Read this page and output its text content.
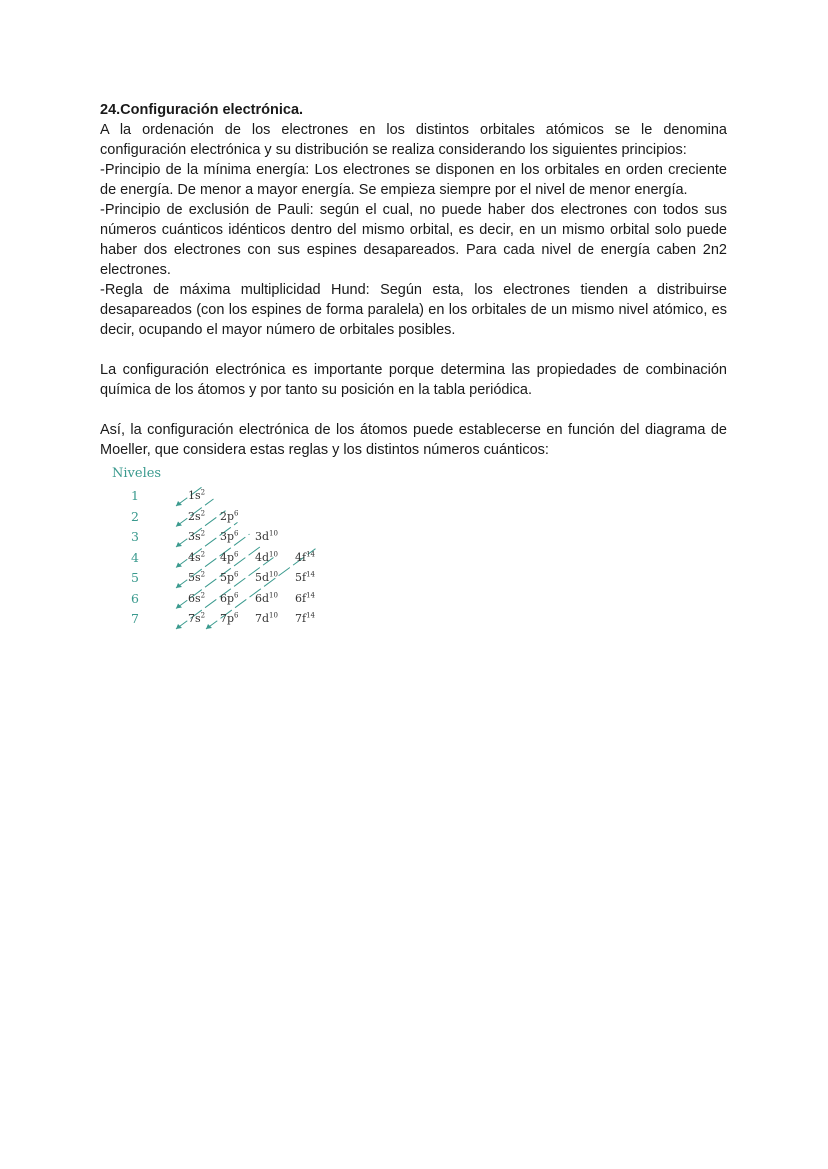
24.Configuración electrónica.

A la ordenación de los electrones en los distintos orbitales atómicos se le denomina configuración electrónica y su distribución se realiza considerando los siguientes principios:

-Principio de la mínima energía: Los electrones se disponen en los orbitales en orden creciente de energía. De menor a mayor energía. Se empieza siempre por el nivel de menor energía.

-Principio de exclusión de Pauli: según el cual, no puede haber dos electrones con todos sus números cuánticos idénticos dentro del mismo orbital, es decir, en un mismo orbital solo puede haber dos electrones con sus espines desapareados. Para cada nivel de energía caben 2n2 electrones.

-Regla de máxima multiplicidad Hund: Según esta, los electrones tienden a distribuirse desapareados (con los espines de forma paralela) en los orbitales de un mismo nivel atómico, es decir, ocupando el mayor número de orbitales posibles.

La configuración electrónica es importante porque determina las propiedades de combinación química de los átomos y por tanto su posición en la tabla periódica.

Así, la configuración electrónica de los átomos puede establecerse en función del diagrama de Moeller, que considera estas reglas y los distintos números cuánticos:

Niveles
1	$1s^2$
2	$2s^2$ $2p^6$
3	$3s^2$ $3p^6$ $3d^{10}$
4	$4s^2$ $4p^6$ $4d^{10}$ $4f^{14}$
5	$5s^2$ $5p^6$ $5d^{10}$ $5f^{14}$
6	$6s^2$ $6p^6$ $6d^{10}$ $6f^{14}$
7	$7s^2$ $7p^6$ $7d^{10}$ $7f^{14}$
